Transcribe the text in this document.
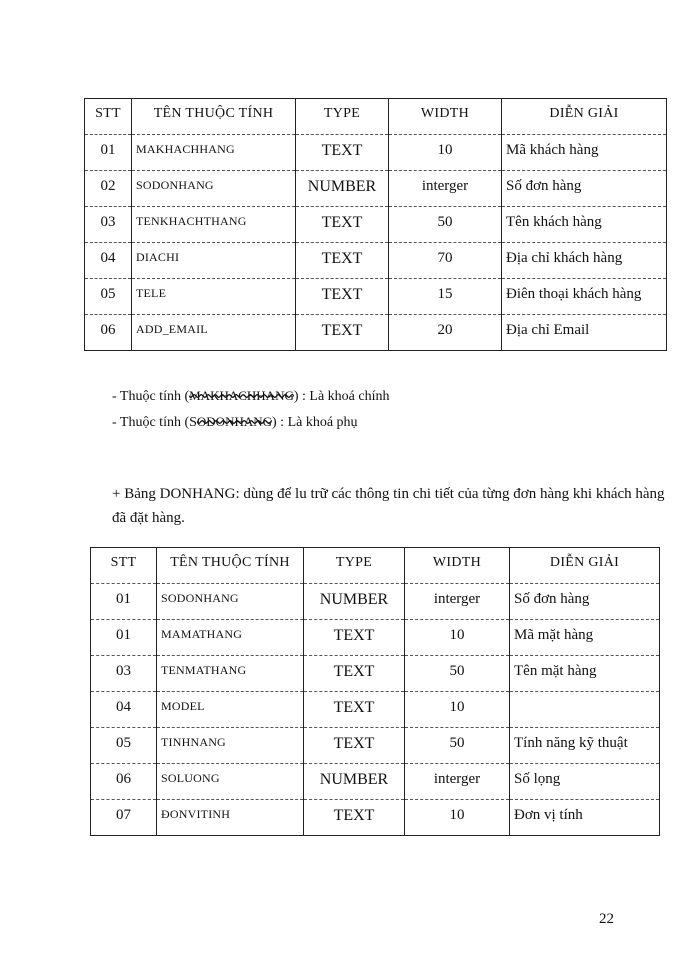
STT	TÊN THUỘC TÍNH	TYPE	WIDTH	DIỄN GIẢI
01	MAKHACHHANG	TEXT	10	Mã khách hàng
02	SODONHANG	NUMBER	interger	Số đơn hàng
03	TENKHACHTHANG	TEXT	50	Tên khách hàng
04	DIACHI	TEXT	70	Địa chỉ khách hàng
05	TELE	TEXT	15	Điên thoại khách hàng
06	ADD_EMAIL	TEXT	20	Địa chỉ Email
- Thuộc tính (MAKHACHHANG) : Là khoá chính
- Thuộc tính (SODONHANG) : Là khoá phụ
+ Bảng DONHANG: dùng để lu trữ các thông tin chi tiết của từng đơn hàng khi khách hàng đã đặt hàng.
STT	TÊN THUỘC TÍNH	TYPE	WIDTH	DIỄN GIẢI
01	SODONHANG	NUMBER	interger	Số đơn hàng
01	MAMATHANG	TEXT	10	Mã mặt hàng
03	TENMATHANG	TEXT	50	Tên mặt hàng
04	MODEL	TEXT	10	
05	TINHNANG	TEXT	50	Tính năng kỹ thuật
06	SOLUONG	NUMBER	interger	Số lọng
07	ĐONVITINH	TEXT	10	Đơn vị tính
22
